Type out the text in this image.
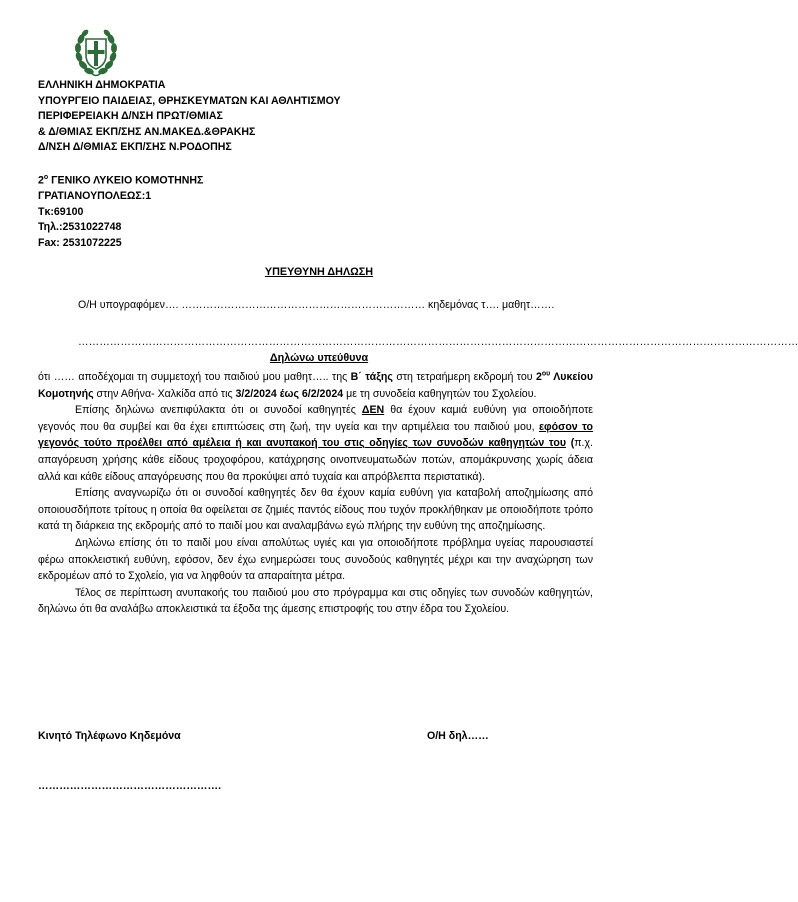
ΕΛΛΗΝΙΚΗ ΔΗΜΟΚΡΑΤΙΑ
ΥΠΟΥΡΓΕΙΟ ΠΑΙΔΕΙΑΣ, ΘΡΗΣΚΕΥΜΑΤΩΝ ΚΑΙ ΑΘΛΗΤΙΣΜΟΥ
ΠΕΡΙΦΕΡΕΙΑΚΗ Δ/ΝΣΗ ΠΡΩΤ/ΘΜΙΑΣ
& Δ/ΘΜΙΑΣ ΕΚΠ/ΣΗΣ ΑΝ.ΜΑΚΕΔ.&ΘΡΑΚΗΣ
Δ/ΝΣΗ Δ/ΘΜΙΑΣ ΕΚΠ/ΣΗΣ Ν.ΡΟΔΟΠΗΣ
$2^o$ ΓΕΝΙΚΟ ΛΥΚΕΙΟ ΚΟΜΟΤΗΝΗΣ
ΓΡΑΤΙΑΝΟΥΠΟΛΕΩΣ:1
Τκ:69100
Τηλ.:2531022748
Fax: 2531072225
ΥΠΕΥΘΥΝΗ ΔΗΛΩΣΗ
Ο/Η υπογραφόμεν…. …………………………………………………………… κηδεμόνας τ…. μαθητ…….
……………………………………………………………………………………………………………………………………………………………………………………
Δηλώνω υπεύθυνα

ότι …… αποδέχομαι τη συμμετοχή του παιδιού μου μαθητ….. της Β΄ τάξης στη τετραήμερη εκδρομή του $2^{o\upsilon}$ Λυκείου Κομοτηνής στην Αθήνα- Χαλκίδα από τις 3/2/2024 έως 6/2/2024 με τη συνοδεία καθηγητών του Σχολείου.

Επίσης δηλώνω ανεπιφύλακτα ότι οι συνοδοί καθηγητές ΔΕΝ θα έχουν καμιά ευθύνη για οποιοδήποτε γεγονός που θα συμβεί και θα έχει επιπτώσεις στη ζωή, την υγεία και την αρτιμέλεια του παιδιού μου, εφόσον το γεγονός τούτο προέλθει από αμέλεια ή και ανυπακοή του στις οδηγίες των συνοδών καθηγητών του (π.χ. απαγόρευση χρήσης κάθε είδους τροχοφόρου, κατάχρησης οινοπνευματωδών ποτών, απομάκρυνσης χωρίς άδεια αλλά και κάθε είδους απαγόρευσης που θα προκύψει από τυχαία και απρόβλεπτα περιστατικά).

Επίσης αναγνωρίζω ότι οι συνοδοί καθηγητές δεν θα έχουν καμία ευθύνη για καταβολή αποζημίωσης από οποιουσδήποτε τρίτους η οποία θα οφείλεται σε ζημιές παντός είδους που τυχόν προκλήθηκαν με οποιοδήποτε τρόπο κατά τη διάρκεια της εκδρομής από το παιδί μου και αναλαμβάνω εγώ πλήρης την ευθύνη της αποζημίωσης.

Δηλώνω επίσης ότι το παιδί μου είναι απολύτως υγιές και για οποιοδήποτε πρόβλημα υγείας παρουσιαστεί φέρω αποκλειστική ευθύνη, εφόσον, δεν έχω ενημερώσει τους συνοδούς καθηγητές μέχρι και την αναχώρηση των εκδρομέων από το Σχολείο, για να ληφθούν τα απαραίτητα μέτρα.

Τέλος σε περίπτωση ανυπακοής του παιδιού μου στο πρόγραμμα και στις οδηγίες των συνοδών καθηγητών, δηλώνω ότι θα αναλάβω αποκλειστικά τα έξοδα της άμεσης επιστροφής του στην έδρα του Σχολείου.

Κινητό Τηλέφωνο Κηδεμόνα	Ο/Η δηλ……
…………………………………………….
